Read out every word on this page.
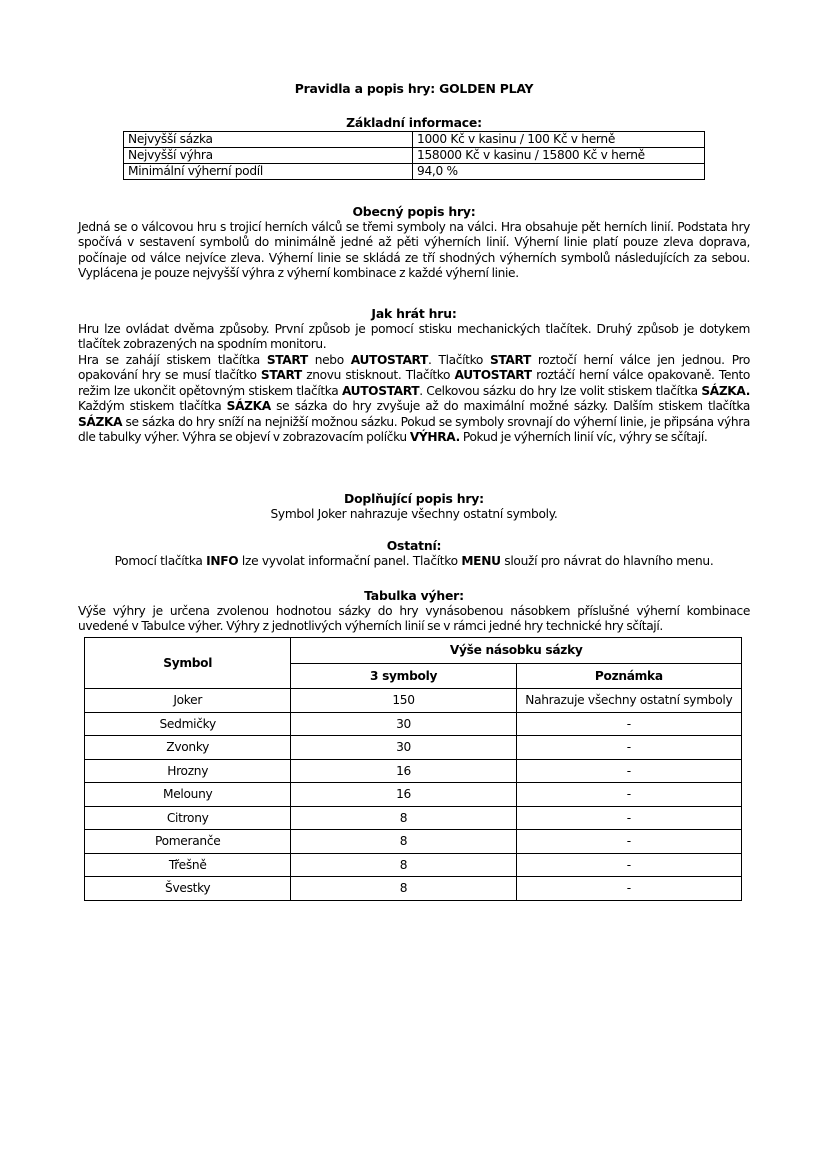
Pravidla a popis hry: GOLDEN PLAY
Základní informace:
Nejvyšší sázka	1000 Kč v kasinu / 100 Kč v herně
Nejvyšší výhra	158000 Kč v kasinu / 15800 Kč v herně
Minimální výherní podíl	94,0 %
Obecný popis hry:
Jedná se o válcovou hru s trojicí herních válců se třemi symboly na válci. Hra obsahuje pět herních linií. Podstata hry spočívá v sestavení symbolů do minimálně jedné až pěti výherních linií. Výherní linie platí pouze zleva doprava, počínaje od válce nejvíce zleva. Výherní linie se skládá ze tří shodných výherních symbolů následujících za sebou. Vyplácena je pouze nejvyšší výhra z výherní kombinace z každé výherní linie.
Jak hrát hru:
Hru lze ovládat dvěma způsoby. První způsob je pomocí stisku mechanických tlačítek. Druhý způsob je dotykem tlačítek zobrazených na spodním monitoru.
Hra se zahájí stiskem tlačítka START nebo AUTOSTART. Tlačítko START roztočí herní válce jen jednou. Pro opakování hry se musí tlačítko START znovu stisknout. Tlačítko AUTOSTART roztáčí herní válce opakovaně. Tento režim lze ukončit opětovným stiskem tlačítka AUTOSTART. Celkovou sázku do hry lze volit stiskem tlačítka SÁZKA. Každým stiskem tlačítka SÁZKA se sázka do hry zvyšuje až do maximální možné sázky. Dalším stiskem tlačítka SÁZKA se sázka do hry sníží na nejnižší možnou sázku. Pokud se symboly srovnají do výherní linie, je připsána výhra dle tabulky výher. Výhra se objeví v zobrazovacím políčku VÝHRA. Pokud je výherních linií víc, výhry se sčítají.
Doplňující popis hry:
Symbol Joker nahrazuje všechny ostatní symboly.
Ostatní:
Pomocí tlačítka INFO lze vyvolat informační panel. Tlačítko MENU slouží pro návrat do hlavního menu.
Tabulka výher:
Výše výhry je určena zvolenou hodnotou sázky do hry vynásobenou násobkem příslušné výherní kombinace uvedené v Tabulce výher. Výhry z jednotlivých výherních linií se v rámci jedné hry technické hry sčítají.
Symbol	Výše násobku sázky	
	3 symboly	Poznámka
Joker	150	Nahrazuje všechny ostatní symboly
Sedmičky	30	-
Zvonky	30	-
Hrozny	16	-
Melouny	16	-
Citrony	8	-
Pomeranče	8	-
Třešně	8	-
Švestky	8	-
